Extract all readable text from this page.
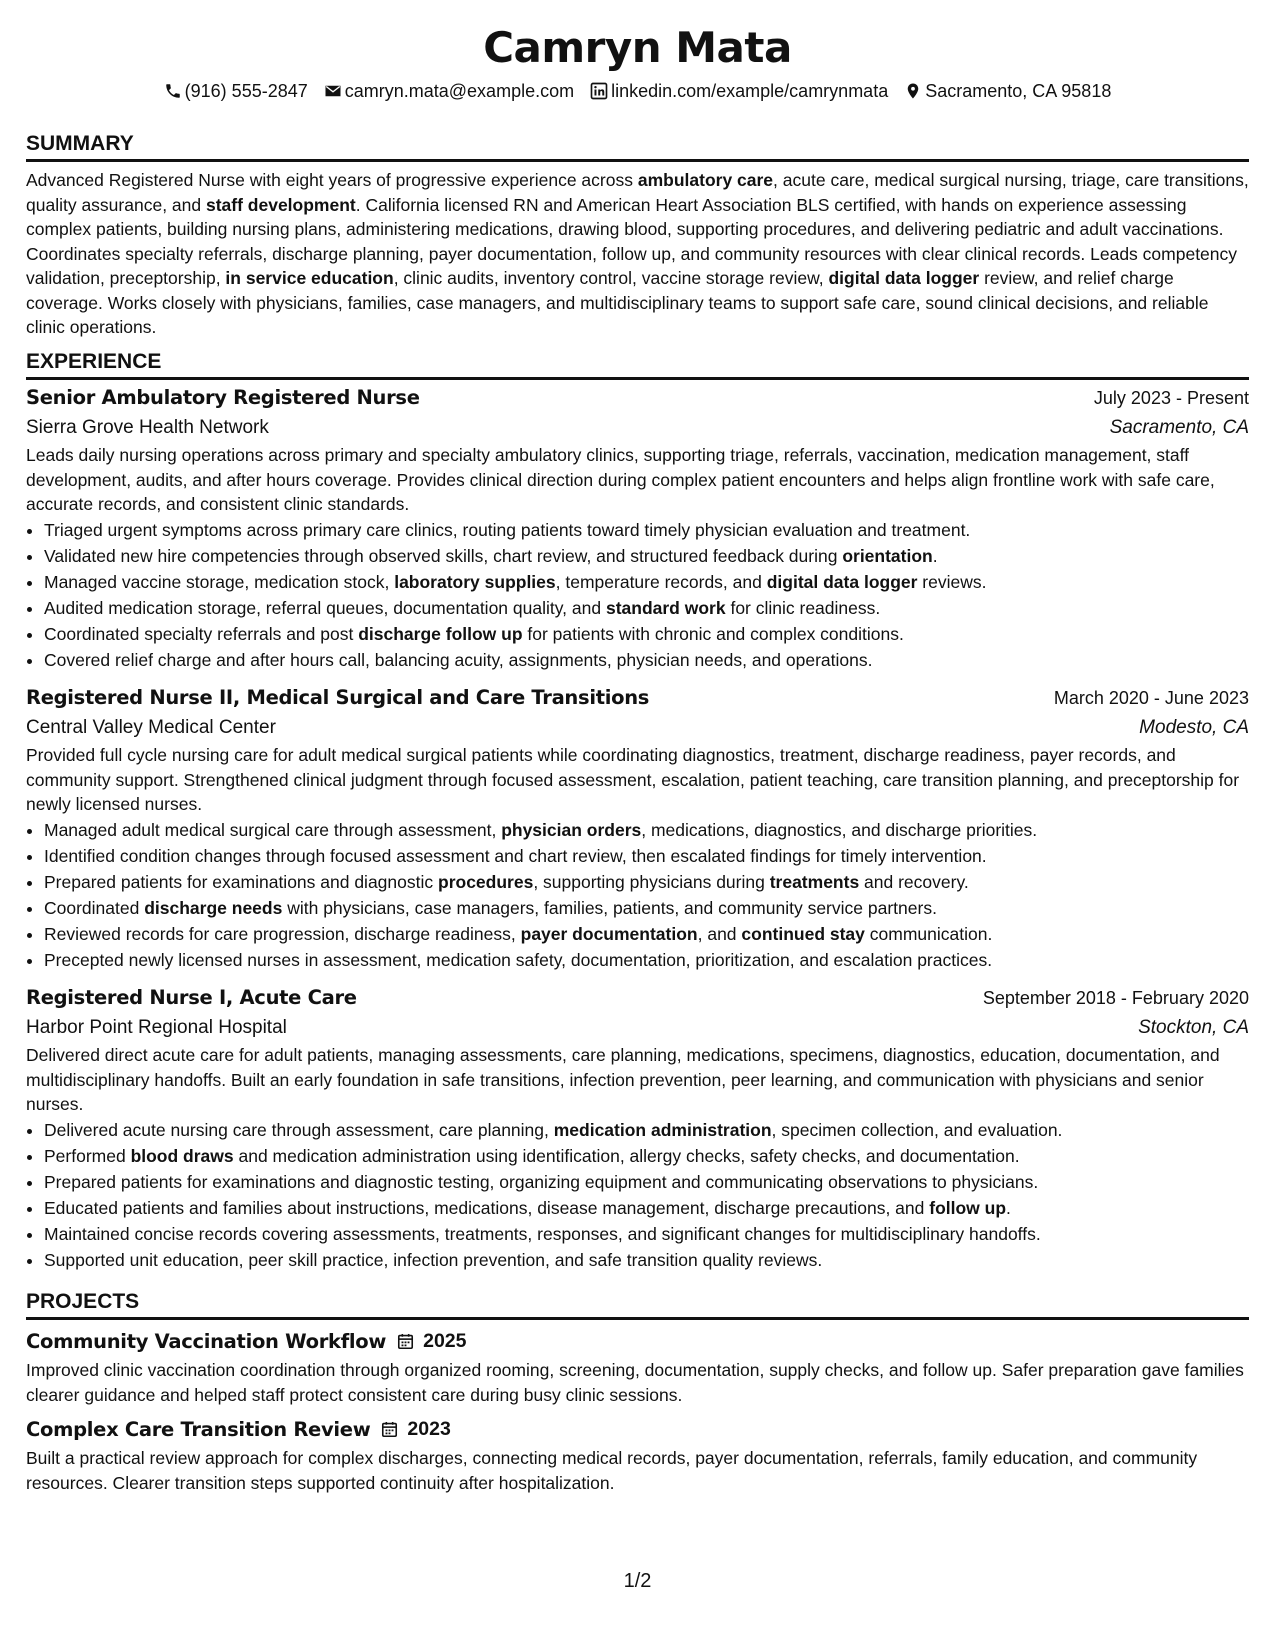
Camryn Mata
(916) 555-2847 camryn.mata@example.com linkedin.com/example/camrynmata Sacramento, CA 95818
SUMMARY

Advanced Registered Nurse with eight years of progressive experience across ambulatory care, acute care, medical surgical nursing, triage, care transitions, quality assurance, and staff development. California licensed RN and American Heart Association BLS certified, with hands on experience assessing complex patients, building nursing plans, administering medications, drawing blood, supporting procedures, and delivering pediatric and adult vaccinations. Coordinates specialty referrals, discharge planning, payer documentation, follow up, and community resources with clear clinical records. Leads competency validation, preceptorship, in service education, clinic audits, inventory control, vaccine storage review, digital data logger review, and relief charge coverage. Works closely with physicians, families, case managers, and multidisciplinary teams to support safe care, sound clinical decisions, and reliable clinic operations.

EXPERIENCE
Senior Ambulatory Registered Nurse	July 2023 - Present
Sierra Grove Health Network	Sacramento, CA

Leads daily nursing operations across primary and specialty ambulatory clinics, supporting triage, referrals, vaccination, medication management, staff development, audits, and after hours coverage. Provides clinical direction during complex patient encounters and helps align frontline work with safe care, accurate records, and consistent clinic standards.

• Triaged urgent symptoms across primary care clinics, routing patients toward timely physician evaluation and treatment.
• Validated new hire competencies through observed skills, chart review, and structured feedback during orientation.
• Managed vaccine storage, medication stock, laboratory supplies, temperature records, and digital data logger reviews.
• Audited medication storage, referral queues, documentation quality, and standard work for clinic readiness.
• Coordinated specialty referrals and post discharge follow up for patients with chronic and complex conditions.
• Covered relief charge and after hours call, balancing acuity, assignments, physician needs, and operations.
Registered Nurse II, Medical Surgical and Care Transitions	March 2020 - June 2023
Central Valley Medical Center	Modesto, CA

Provided full cycle nursing care for adult medical surgical patients while coordinating diagnostics, treatment, discharge readiness, payer records, and community support. Strengthened clinical judgment through focused assessment, escalation, patient teaching, care transition planning, and preceptorship for newly licensed nurses.

• Managed adult medical surgical care through assessment, physician orders, medications, diagnostics, and discharge priorities.
• Identified condition changes through focused assessment and chart review, then escalated findings for timely intervention.
• Prepared patients for examinations and diagnostic procedures, supporting physicians during treatments and recovery.
• Coordinated discharge needs with physicians, case managers, families, patients, and community service partners.
• Reviewed records for care progression, discharge readiness, payer documentation, and continued stay communication.
• Precepted newly licensed nurses in assessment, medication safety, documentation, prioritization, and escalation practices.
Registered Nurse I, Acute Care	September 2018 - February 2020
Harbor Point Regional Hospital	Stockton, CA

Delivered direct acute care for adult patients, managing assessments, care planning, medications, specimens, diagnostics, education, documentation, and multidisciplinary handoffs. Built an early foundation in safe transitions, infection prevention, peer learning, and communication with physicians and senior nurses.

• Delivered acute nursing care through assessment, care planning, medication administration, specimen collection, and evaluation.
• Performed blood draws and medication administration using identification, allergy checks, safety checks, and documentation.
• Prepared patients for examinations and diagnostic testing, organizing equipment and communicating observations to physicians.
• Educated patients and families about instructions, medications, disease management, discharge precautions, and follow up.
• Maintained concise records covering assessments, treatments, responses, and significant changes for multidisciplinary handoffs.
• Supported unit education, peer skill practice, infection prevention, and safe transition quality reviews.
PROJECTS
Community Vaccination Workflow 2025

Improved clinic vaccination coordination through organized rooming, screening, documentation, supply checks, and follow up. Safer preparation gave families clearer guidance and helped staff protect consistent care during busy clinic sessions.

Complex Care Transition Review 2023

Built a practical review approach for complex discharges, connecting medical records, payer documentation, referrals, family education, and community resources. Clearer transition steps supported continuity after hospitalization.

1/2
